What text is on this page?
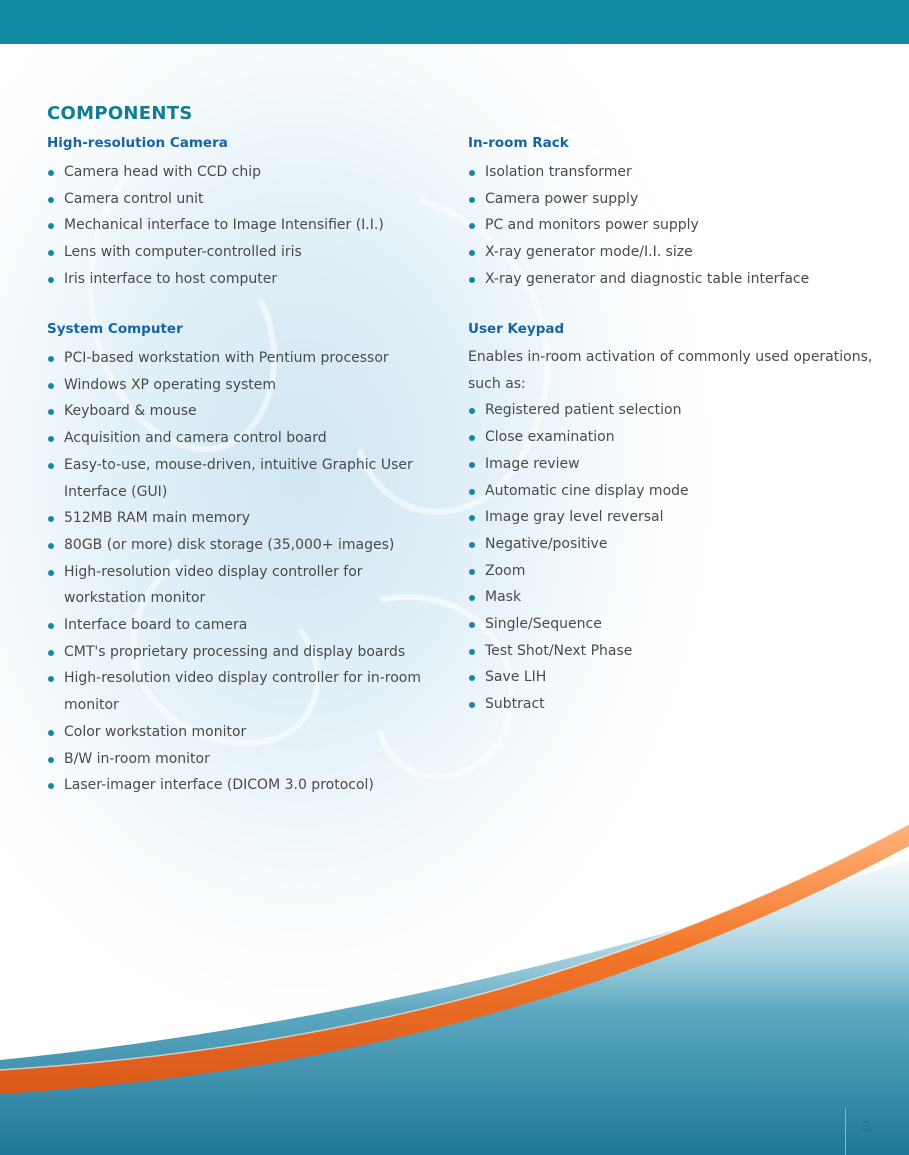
COMPONENTS
High-resolution Camera
Camera head with CCD chip
Camera control unit
Mechanical interface to Image Intensifier (I.I.)
Lens with computer-controlled iris
Iris interface to host computer
System Computer
PCI-based workstation with Pentium processor
Windows XP operating system
Keyboard & mouse
Acquisition and camera control board
Easy-to-use, mouse-driven, intuitive Graphic User Interface (GUI)
512MB RAM main memory
80GB (or more) disk storage (35,000+ images)
High-resolution video display controller for workstation monitor
Interface board to camera
CMT's proprietary processing and display boards
High-resolution video display controller for in-room monitor
Color workstation monitor
B/W in-room monitor
Laser-imager interface (DICOM 3.0 protocol)
In-room Rack
Isolation transformer
Camera power supply
PC and monitors power supply
X-ray generator mode/I.I. size
X-ray generator and diagnostic table interface
User Keypad

Enables in-room activation of commonly used operations, such as:

Registered patient selection
Close examination
Image review
Automatic cine display mode
Image gray level reversal
Negative/positive
Zoom
Mask
Single/Sequence
Test Shot/Next Phase
Save LIH
Subtract
5
